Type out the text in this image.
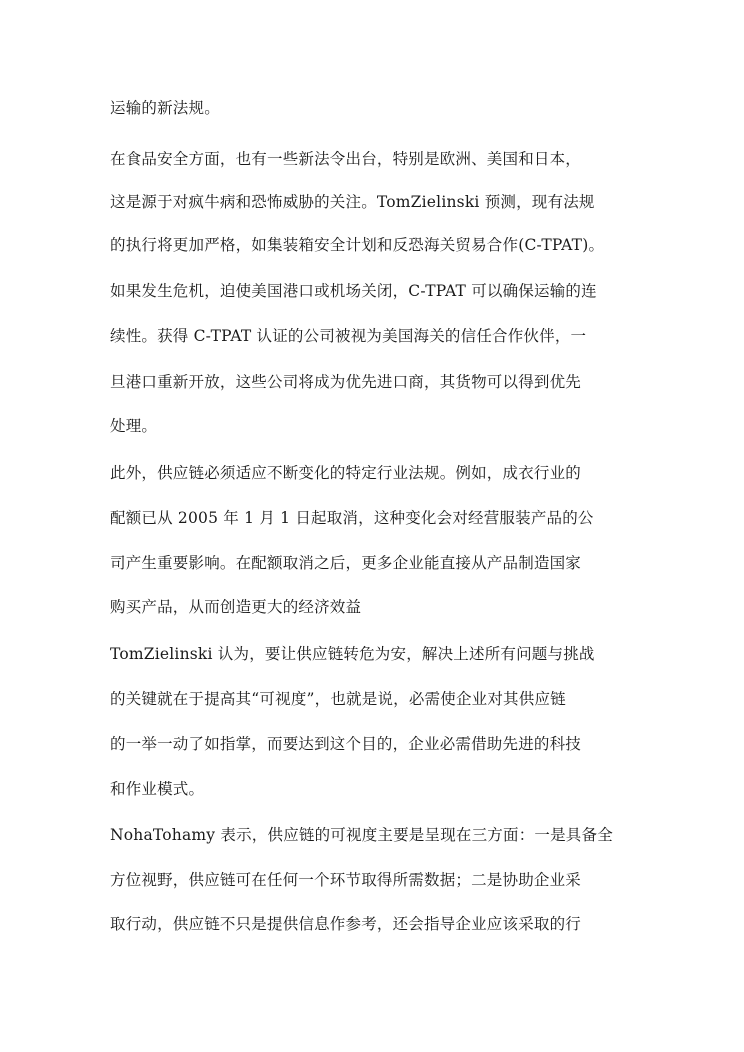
运输的新法规。
在食品安全方面，也有一些新法令出台，特别是欧洲、美国和日本，
这是源于对疯牛病和恐怖威胁的关注。TomZielinski 预测，现有法规
的执行将更加严格，如集装箱安全计划和反恐海关贸易合作(C-TPAT)。
如果发生危机，迫使美国港口或机场关闭，C-TPAT 可以确保运输的连
续性。获得 C-TPAT 认证的公司被视为美国海关的信任合作伙伴，一
旦港口重新开放，这些公司将成为优先进口商，其货物可以得到优先
处理。
此外，供应链必须适应不断变化的特定行业法规。例如，成衣行业的
配额已从 2005 年 1 月 1 日起取消，这种变化会对经营服装产品的公
司产生重要影响。在配额取消之后，更多企业能直接从产品制造国家
购买产品，从而创造更大的经济效益
TomZielinski 认为，要让供应链转危为安，解决上述所有问题与挑战
的关键就在于提高其“可视度”，也就是说，必需使企业对其供应链
的一举一动了如指掌，而要达到这个目的，企业必需借助先进的科技
和作业模式。
NohaTohamy 表示，供应链的可视度主要是呈现在三方面：一是具备全
方位视野，供应链可在任何一个环节取得所需数据；二是协助企业采
取行动，供应链不只是提供信息作参考，还会指导企业应该采取的行
